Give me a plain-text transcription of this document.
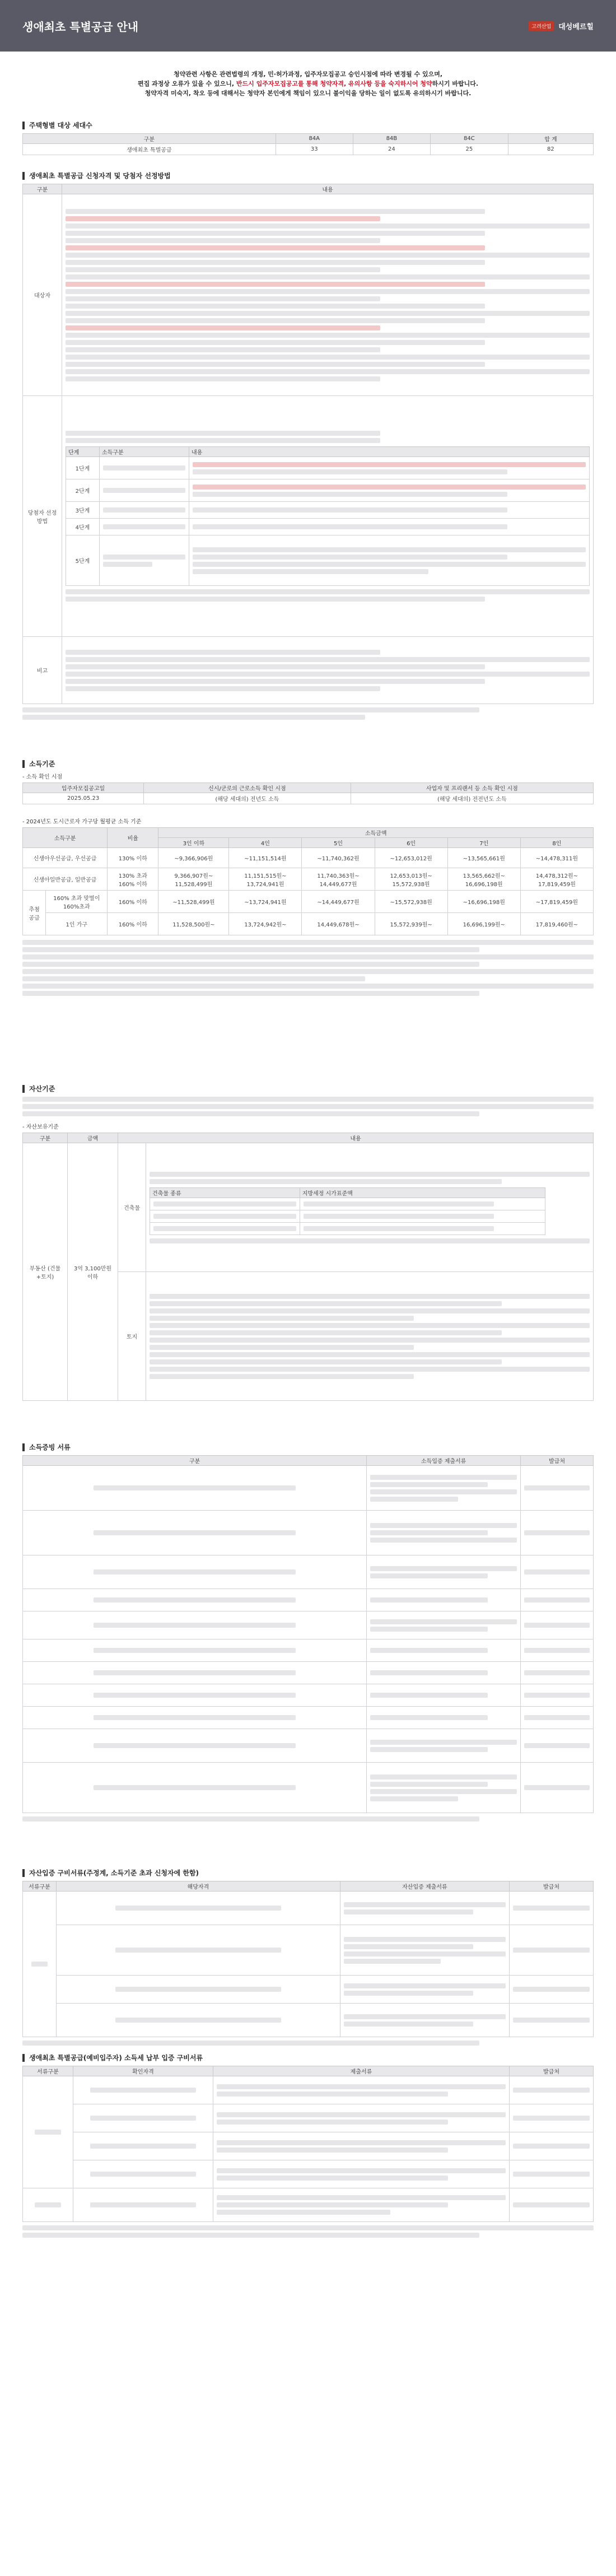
생애최초 특별공급 안내	고려산업	대성베르힐

청약관련 사항은 관련법령의 개정, 민·허가과정, 입주자모집공고 승인시점에 따라 변경될 수 있으며,

편집 과정상 오류가 있을 수 있으니, 반드시 입주자모집공고를 통해 청약자격, 유의사항 등을 숙지하시어 청약하시기 바랍니다.

청약자격 미숙지, 착오 등에 대해서는 청약자 본인에게 책임이 있으니 불이익을 당하는 일이 없도록 유의하시기 바랍니다.

주택형별 대상 세대수
구분	84A	84B	84C	합 계
생애최초 특별공급	33	24	25	82
생애최초 특별공급 신청자격 및 당첨자 선정방법
구분	내용
대상자	

당첨자 선정방법	
단계	소득구분	내용
1단계	

2단계	

3단계	

4단계	

5단계	

비고	
소득기준
- 소득 확인 시점
입주자모집공고일	신시/군로의 근로소득 확인 시점	사업자 및 프리랜서 등 소득 확인 시점
2025.05.23	(해당 세대의) 전년도 소득	(해당 세대의) 전전년도 소득
- 2024년도 도시근로자 가구당 월평균 소득 기준
소득구분		비율	소득금액					
			3인 이하	4인	5인	6인	7인	8인
신생아우선공급, 우선공급		130% 이하	~9,366,906원	~11,151,514원	~11,740,362원	~12,653,012원	~13,565,661원	~14,478,311원
신생아일반공급, 일반공급		130% 초과 160% 이하	9,366,907원~ 11,528,499원	11,151,515원~ 13,724,941원	11,740,363원~ 14,449,677원	12,653,013원~ 15,572,938원	13,565,662원~ 16,696,198원	14,478,312원~ 17,819,459원
추첨공급	160% 초과 맞벌이 160%초과	160% 이하	~11,528,499원	~13,724,941원	~14,449,677원	~15,572,938원	~16,696,198원	~17,819,459원
	1인 가구	160% 이하	11,528,500원~	13,724,942원~	14,449,678원~	15,572,939원~	16,696,199원~	17,819,460원~
자산기준
- 자산보유기준
구분	금액	내용
부동산 (건물+토지)	3억 3,100만원 이하	건축물	
건축물 종류	지방세정 시가표준액

토지	
소득증빙 서류
구분	소득입증 제출서류	발급처

자산입증 구비서류(주정계, 소득기준 초과 신청자에 한함)
서류구분	해당자격	자산입증 제출서류	발급처

생애최초 특별공급(예비입주자) 소득세 납부 입증 구비서류
서류구분	확인자격	제출서류	발급처
